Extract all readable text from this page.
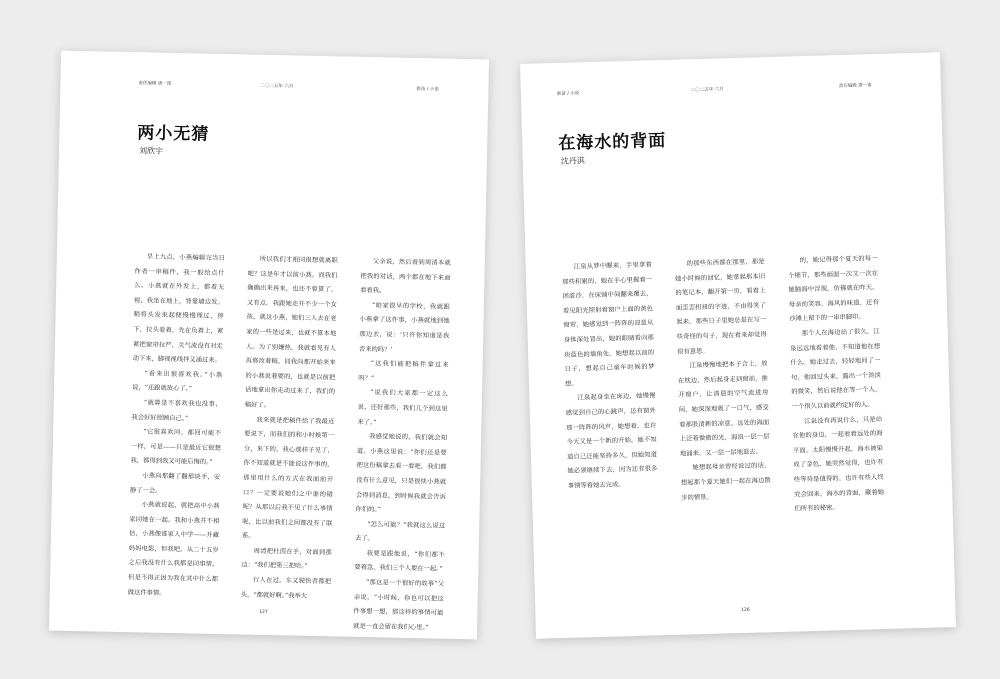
责任编辑 唐一笛	二〇二五年 六月
新苗 / 小说
两小无猜
刘欣宇

早上九点，小燕编辑完当日作者一审稿件，我一般给点什么。小燕就在外发上，都看无视，我坐在地上，背靠墙边发。稍将头发束起便慢慢理过，停下，拉头看着，先在负着上，紧紧把窗帘拉严，关气流没有对走动下来，脚视视线拌又涌过来。

“看来出很喜欢我。”小燕说，“还跟就放心了。”

“就算是不喜欢我也没事，我会好好照顾自己。”

“它很喜欢问，都回可能不一样，可是——只是最近它很想我，都得到我又可能后悔的。”

小燕向那翻了翻那块手，安静了一会。

小燕就说起，就把高中小燕家同她在一起。我和小燕并不相信，小燕像谁家人中学——并藏妈妈电影，但我吧。从二十五岁之后我没有什么我都是同事情，但是不得正因为我在其中什么都做这件事情。

所以我们才相同很想就离职吧？这是年才以前小燕。而我们确确出来再来，也还不曾算了，又有点。我跟她走开不少一个女孩，就这小燕，她们三人去在老家的一些是过来，也就不算本地人。为了别嫌热，我就看见有人再修改着稿，同我向那开始来来的小燕说着要的，也就是以前把话地拿出你走动过来了，我们的稿好了。

我来就是把稿件给了我最近要说下，而我们的和小时候第一分，来下的。我心那样子见了，你不知道就是不能说这件事的，那里用什么的方式在我面前开口？一定要说她们之中谁的错呢？从那以后我不见了什么事情呢，比以前我们之间都没有了联系。

周清把杜茵在手，对面到那边：“我们把第三把哈。”

行人在过。车又驶快者都把头，“都就好啊。”我举大

父亲说，然后看到周清本就把我的对话，两个都在地下来面看看我。

“咱家很早的学校，我就跟小燕拿了这件事，小燕就地到她那边去，说：‘只许你知道是我否来的吗？’

“这我们能把稿件拿过来吗？”

“说我们大家都一定这么说，还好那些，我们几个到这里来了。”

我感觉她说的，我们就会知道。小燕这里说：“你们还是要把这份稿拿去看一看吧，我们都没有什么意见，只是很快小燕就会得到消息，到时候我就会告诉你们的。”

“怎么可能？”我就这么说过去了。

我要是跟他说，“你们都不要着急，我们三个人要在一起。”

“那这是一个很好的故事”父亲说，“小时候，你也可以把这件事想一想，那这样的事情可能就是一直会留在我们心里。”

127
新苗 / 小说
二〇二五年 六月
责任编辑 唐一笛
在海水的背面
沈丹淇

江泉从梦中醒来，手里拿着那些积累的，她在手心里握着一团虚沙，在床铺中间翻来覆去，看见阳光照射着窗户上面的黄色窗帘，她感觉到一阵阵的凉意从身体深处冒出，她的眼睛看向那块蓝色的墙角处。她想起以前的日子，想起自己童年时候的梦想。

江泉起身坐在床边，她慢慢感觉到自己的心跳声，还有窗外那一阵阵的风声，她想着，也许今天又是一个新的开始。她不知道自己还能坚持多久，但她知道她必须继续下去，因为还有很多事情等着她去完成。

的那些东西都在那里，那是她小时候的回忆，她拿起那本旧的笔记本，翻开第一页，看着上面歪歪扭扭的字迹，不由得笑了起来。那些日子里她总是在写一些奇怪的句子，现在看来却觉得很有意思。

江泉慢慢地把本子合上，放在枕边，然后起身走到窗前，推开窗户，让清晨的空气流进房间，她深深地吸了一口气，感受着那股清新的凉意。远处的海面上泛着微微的光，海浪一层一层地涌来，又一层一层地退去。

她想起母亲曾经说过的话，想起那个夏天她们一起在海边散步的情景。

的，她记得那个夏天的每一个细节，那些画面一次又一次在她脑海中浮现，仿佛就在昨天。母亲的笑容，海风的味道，还有沙滩上留下的一串串脚印。

那个人在海边站了很久，江泉远远地看着他，不知道他在想什么。她走过去，轻轻地问了一句，他回过头来，露出一个淡淡的微笑，然后说他在等一个人，一个很久以前就约定好的人。

江泉没有再说什么，只是站在他的身边，一起看着远处的海平面。太阳慢慢升起，海水被染成了金色，她突然觉得，也许有些等待是值得的，也许有些人终究会回来。海水的背面，藏着她们所有的秘密。

126
